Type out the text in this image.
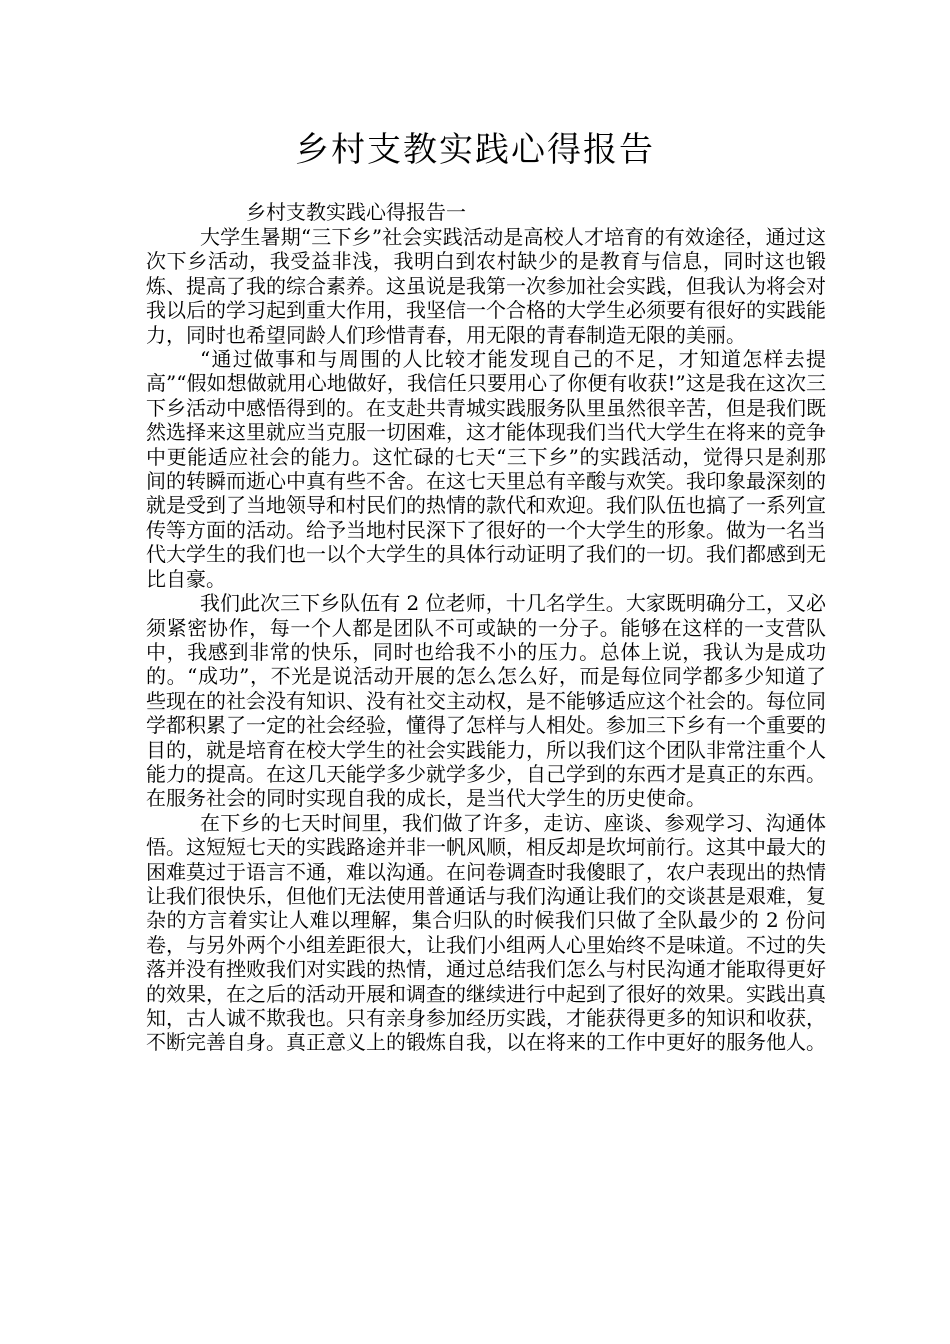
乡村支教实践心得报告
乡村支教实践心得报告一

大学生暑期“三下乡”社会实践活动是高校人才培育的有效途径，通过这次下乡活动，我受益非浅，我明白到农村缺少的是教育与信息，同时这也锻炼、提高了我的综合素养。这虽说是我第一次参加社会实践，但我认为将会对我以后的学习起到重大作用，我坚信一个合格的大学生必须要有很好的实践能力，同时也希望同龄人们珍惜青春，用无限的青春制造无限的美丽。

“通过做事和与周围的人比较才能发现自己的不足，才知道怎样去提高”“假如想做就用心地做好，我信任只要用心了你便有收获!”这是我在这次三下乡活动中感悟得到的。在支赴共青城实践服务队里虽然很辛苦，但是我们既然选择来这里就应当克服一切困难，这才能体现我们当代大学生在将来的竞争中更能适应社会的能力。这忙碌的七天“三下乡”的实践活动，觉得只是刹那间的转瞬而逝心中真有些不舍。在这七天里总有辛酸与欢笑。我印象最深刻的就是受到了当地领导和村民们的热情的款代和欢迎。我们队伍也搞了一系列宣传等方面的活动。给予当地村民深下了很好的一个大学生的形象。做为一名当代大学生的我们也一以个大学生的具体行动证明了我们的一切。我们都感到无比自豪。

我们此次三下乡队伍有 2 位老师，十几名学生。大家既明确分工，又必须紧密协作，每一个人都是团队不可或缺的一分子。能够在这样的一支营队中，我感到非常的快乐，同时也给我不小的压力。总体上说，我认为是成功的。“成功”，不光是说活动开展的怎么怎么好，而是每位同学都多少知道了些现在的社会没有知识、没有社交主动权，是不能够适应这个社会的。每位同学都积累了一定的社会经验，懂得了怎样与人相处。参加三下乡有一个重要的目的，就是培育在校大学生的社会实践能力，所以我们这个团队非常注重个人能力的提高。在这几天能学多少就学多少，自己学到的东西才是真正的东西。在服务社会的同时实现自我的成长，是当代大学生的历史使命。

在下乡的七天时间里，我们做了许多，走访、座谈、参观学习、沟通体悟。这短短七天的实践路途并非一帆风顺，相反却是坎坷前行。这其中最大的困难莫过于语言不通，难以沟通。在问卷调查时我傻眼了，农户表现出的热情让我们很快乐，但他们无法使用普通话与我们沟通让我们的交谈甚是艰难，复杂的方言着实让人难以理解，集合归队的时候我们只做了全队最少的 2 份问卷，与另外两个小组差距很大，让我们小组两人心里始终不是味道。不过的失落并没有挫败我们对实践的热情，通过总结我们怎么与村民沟通才能取得更好的效果，在之后的活动开展和调查的继续进行中起到了很好的效果。实践出真知，古人诚不欺我也。只有亲身参加经历实践，才能获得更多的知识和收获，不断完善自身。真正意义上的锻炼自我，以在将来的工作中更好的服务他人。
